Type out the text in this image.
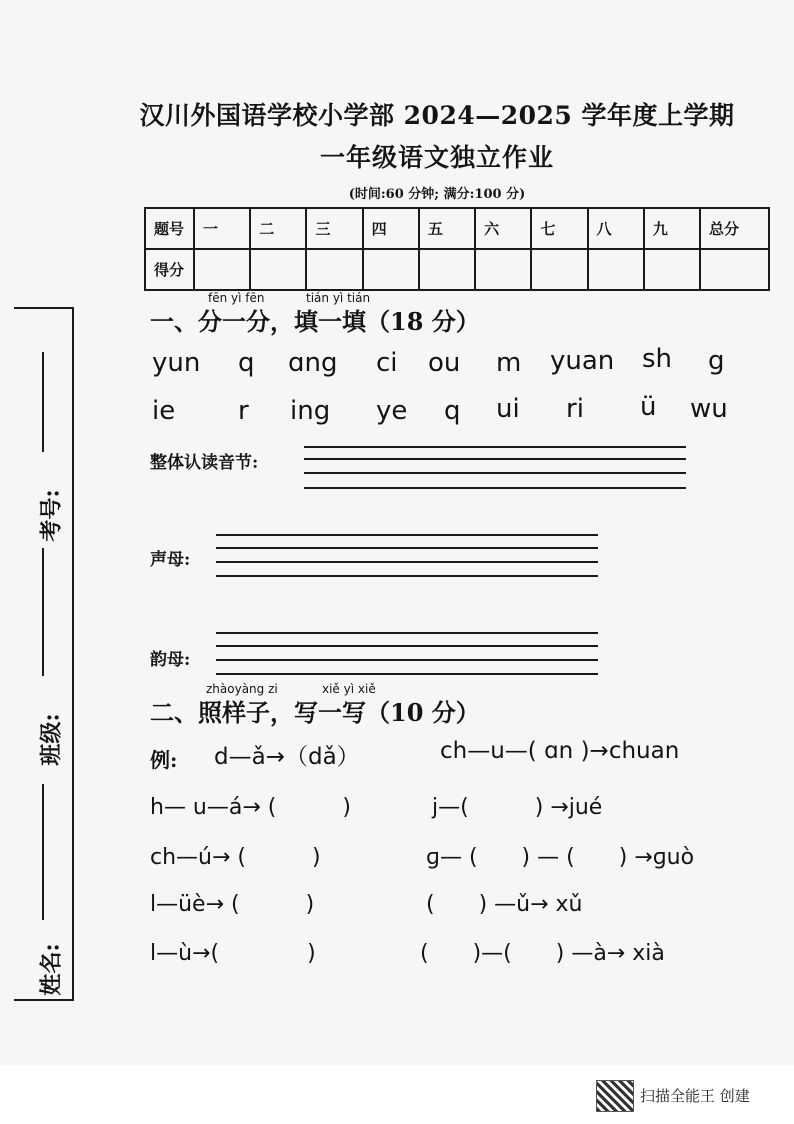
汉川外国语学校小学部 2024—2025 学年度上学期
一年级语文独立作业
(时间:60 分钟; 满分:100 分)
题号	一	二	三	四	五	六	七	八	九	总分
得分										
考号:
班级:
姓名:
fēn yì fēn	tián yì tián
一、分一分，填一填（18 分）
yun q ɑng ci ou m yuan sh g
ie r ing ye q ui ri ü wu
整体认读音节:
声母:
韵母:
zhàoyàng zi	xiě yì xiě
二、照样子，写一写（10 分）
例: d—ǎ→（dǎ）	ch—u—( ɑn )→chuan
h— u—á→ (　　　)	j—(　　　) →jué
ch—ú→ (　　　)	ɡ— (　　) — (　　) →ɡuò
l—üè→ (　　　)	(　　) —ǔ→ xǔ
l—ù→(　　　　)	(　　)—(　　) —à→ xià
扫描全能王 创建
